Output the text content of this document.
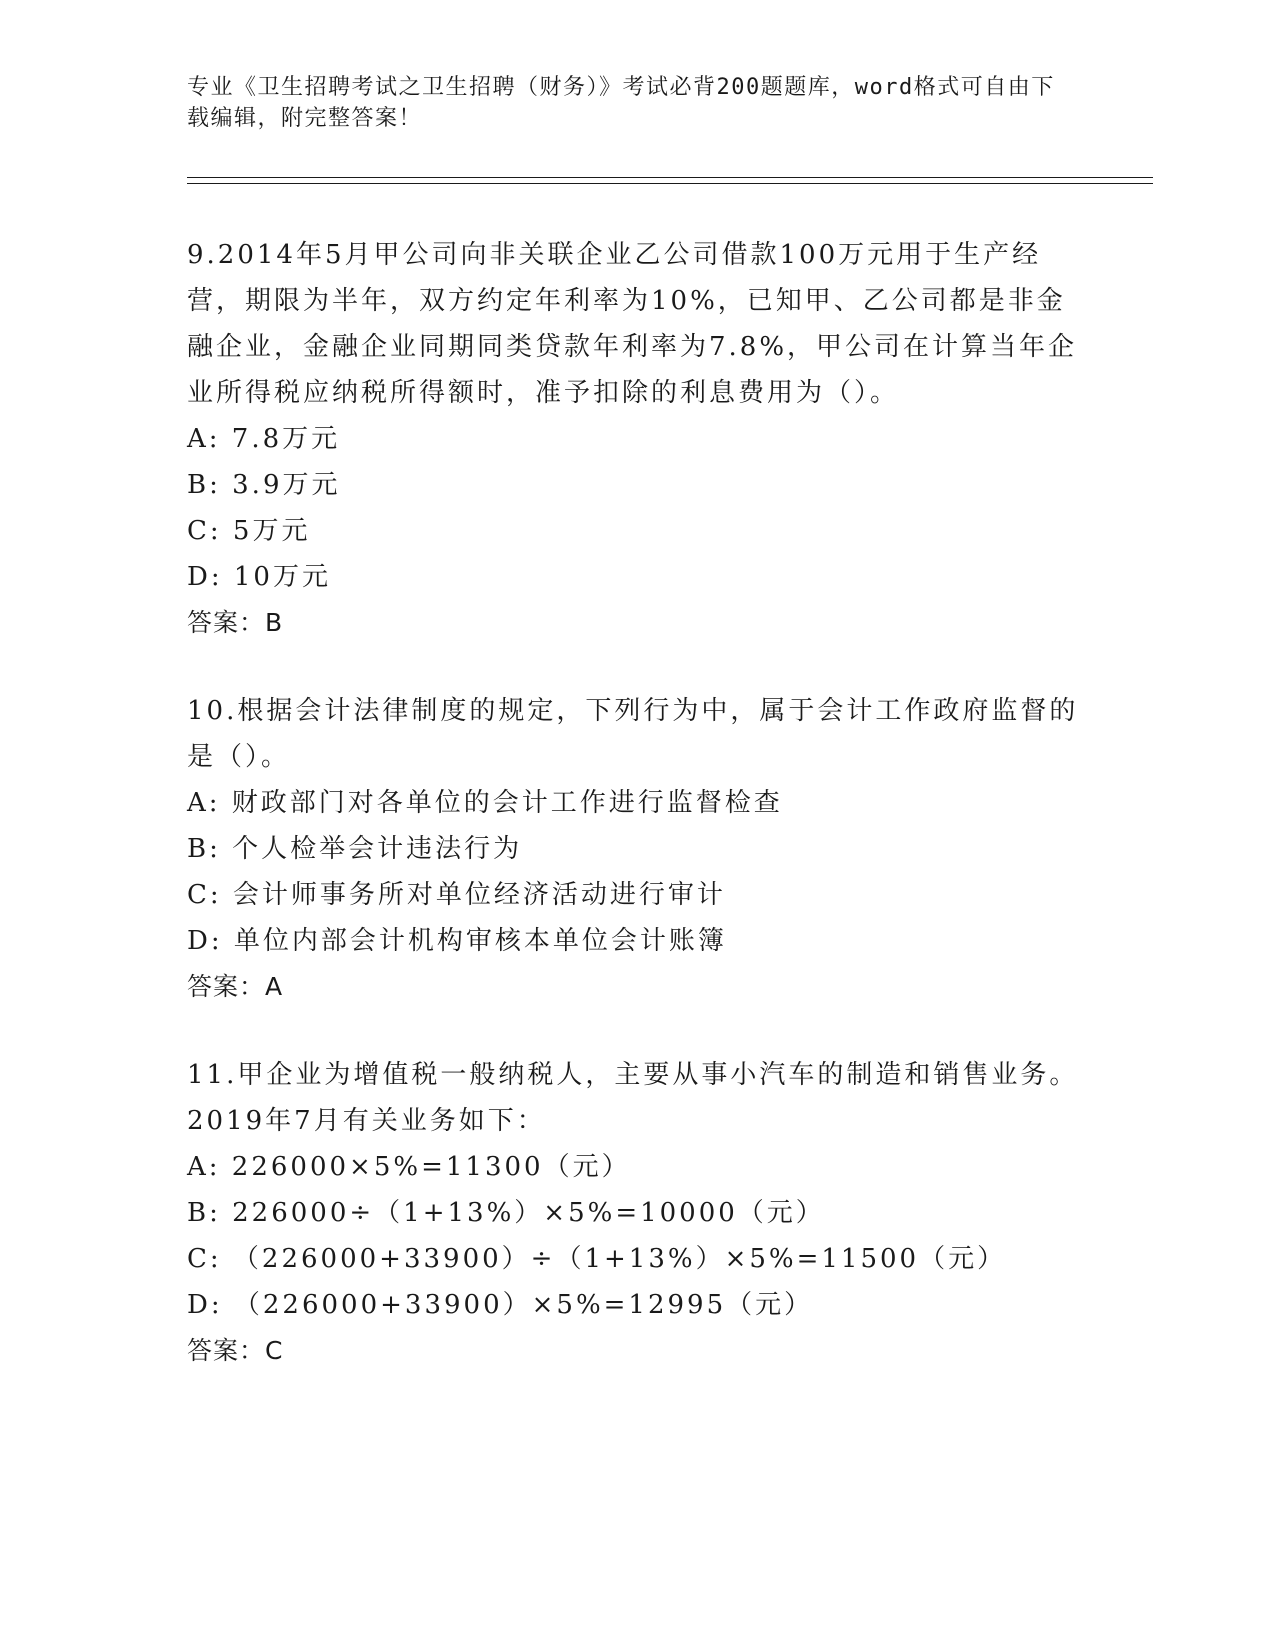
专业《卫生招聘考试之卫生招聘（财务）》考试必背200题题库，word格式可自由下载编辑，附完整答案！

9.2014年5月甲公司向非关联企业乙公司借款100万元用于生产经营，期限为半年，双方约定年利率为10%，已知甲、乙公司都是非金融企业，金融企业同期同类贷款年利率为7.8%，甲公司在计算当年企业所得税应纳税所得额时，准予扣除的利息费用为（）。

A: 7.8万元

B: 3.9万元

C: 5万元

D: 10万元

答案：B

10.根据会计法律制度的规定，下列行为中，属于会计工作政府监督的是（）。

A: 财政部门对各单位的会计工作进行监督检查

B: 个人检举会计违法行为

C: 会计师事务所对单位经济活动进行审计

D: 单位内部会计机构审核本单位会计账簿

答案：A

11.甲企业为增值税一般纳税人，主要从事小汽车的制造和销售业务。2019年7月有关业务如下：

A: 226000×5%=11300（元）

B: 226000÷（1+13%）×5%=10000（元）

C: （226000+33900）÷（1+13%）×5%=11500（元）

D: （226000+33900）×5%=12995（元）

答案：C
